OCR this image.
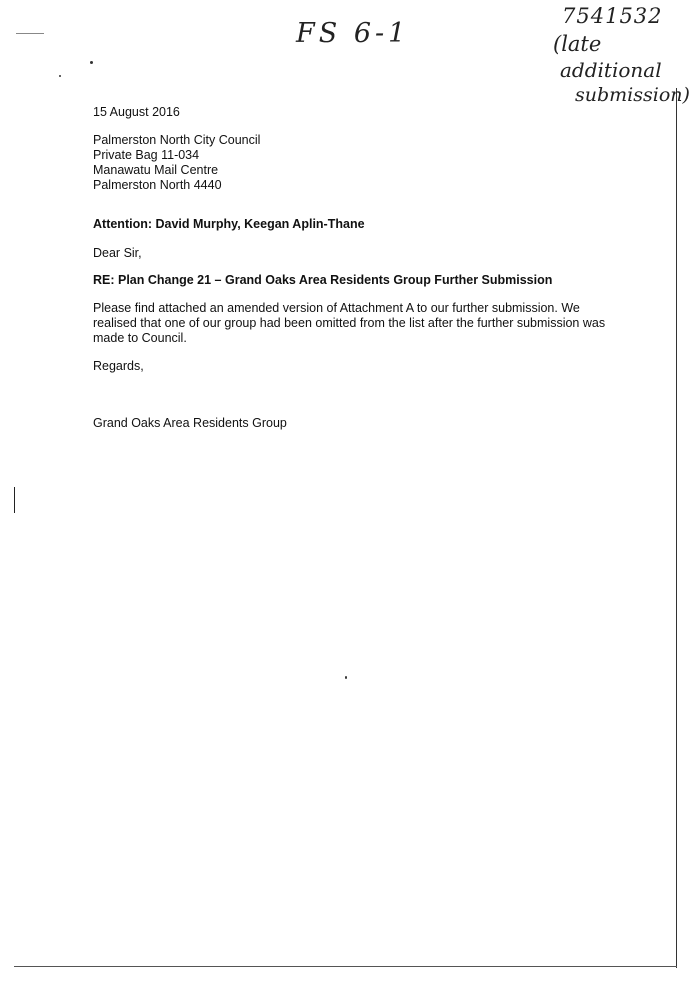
FS 6-1
7541532
(late
additional
submission)
15 August 2016
Palmerston North City Council
Private Bag 11-034
Manawatu Mail Centre
Palmerston North 4440
Attention: David Murphy, Keegan Aplin-Thane
Dear Sir,
RE: Plan Change 21 – Grand Oaks Area Residents Group Further Submission
Please find attached an amended version of Attachment A to our further submission. We realised that one of our group had been omitted from the list after the further submission was made to Council.
Regards,
Grand Oaks Area Residents Group
